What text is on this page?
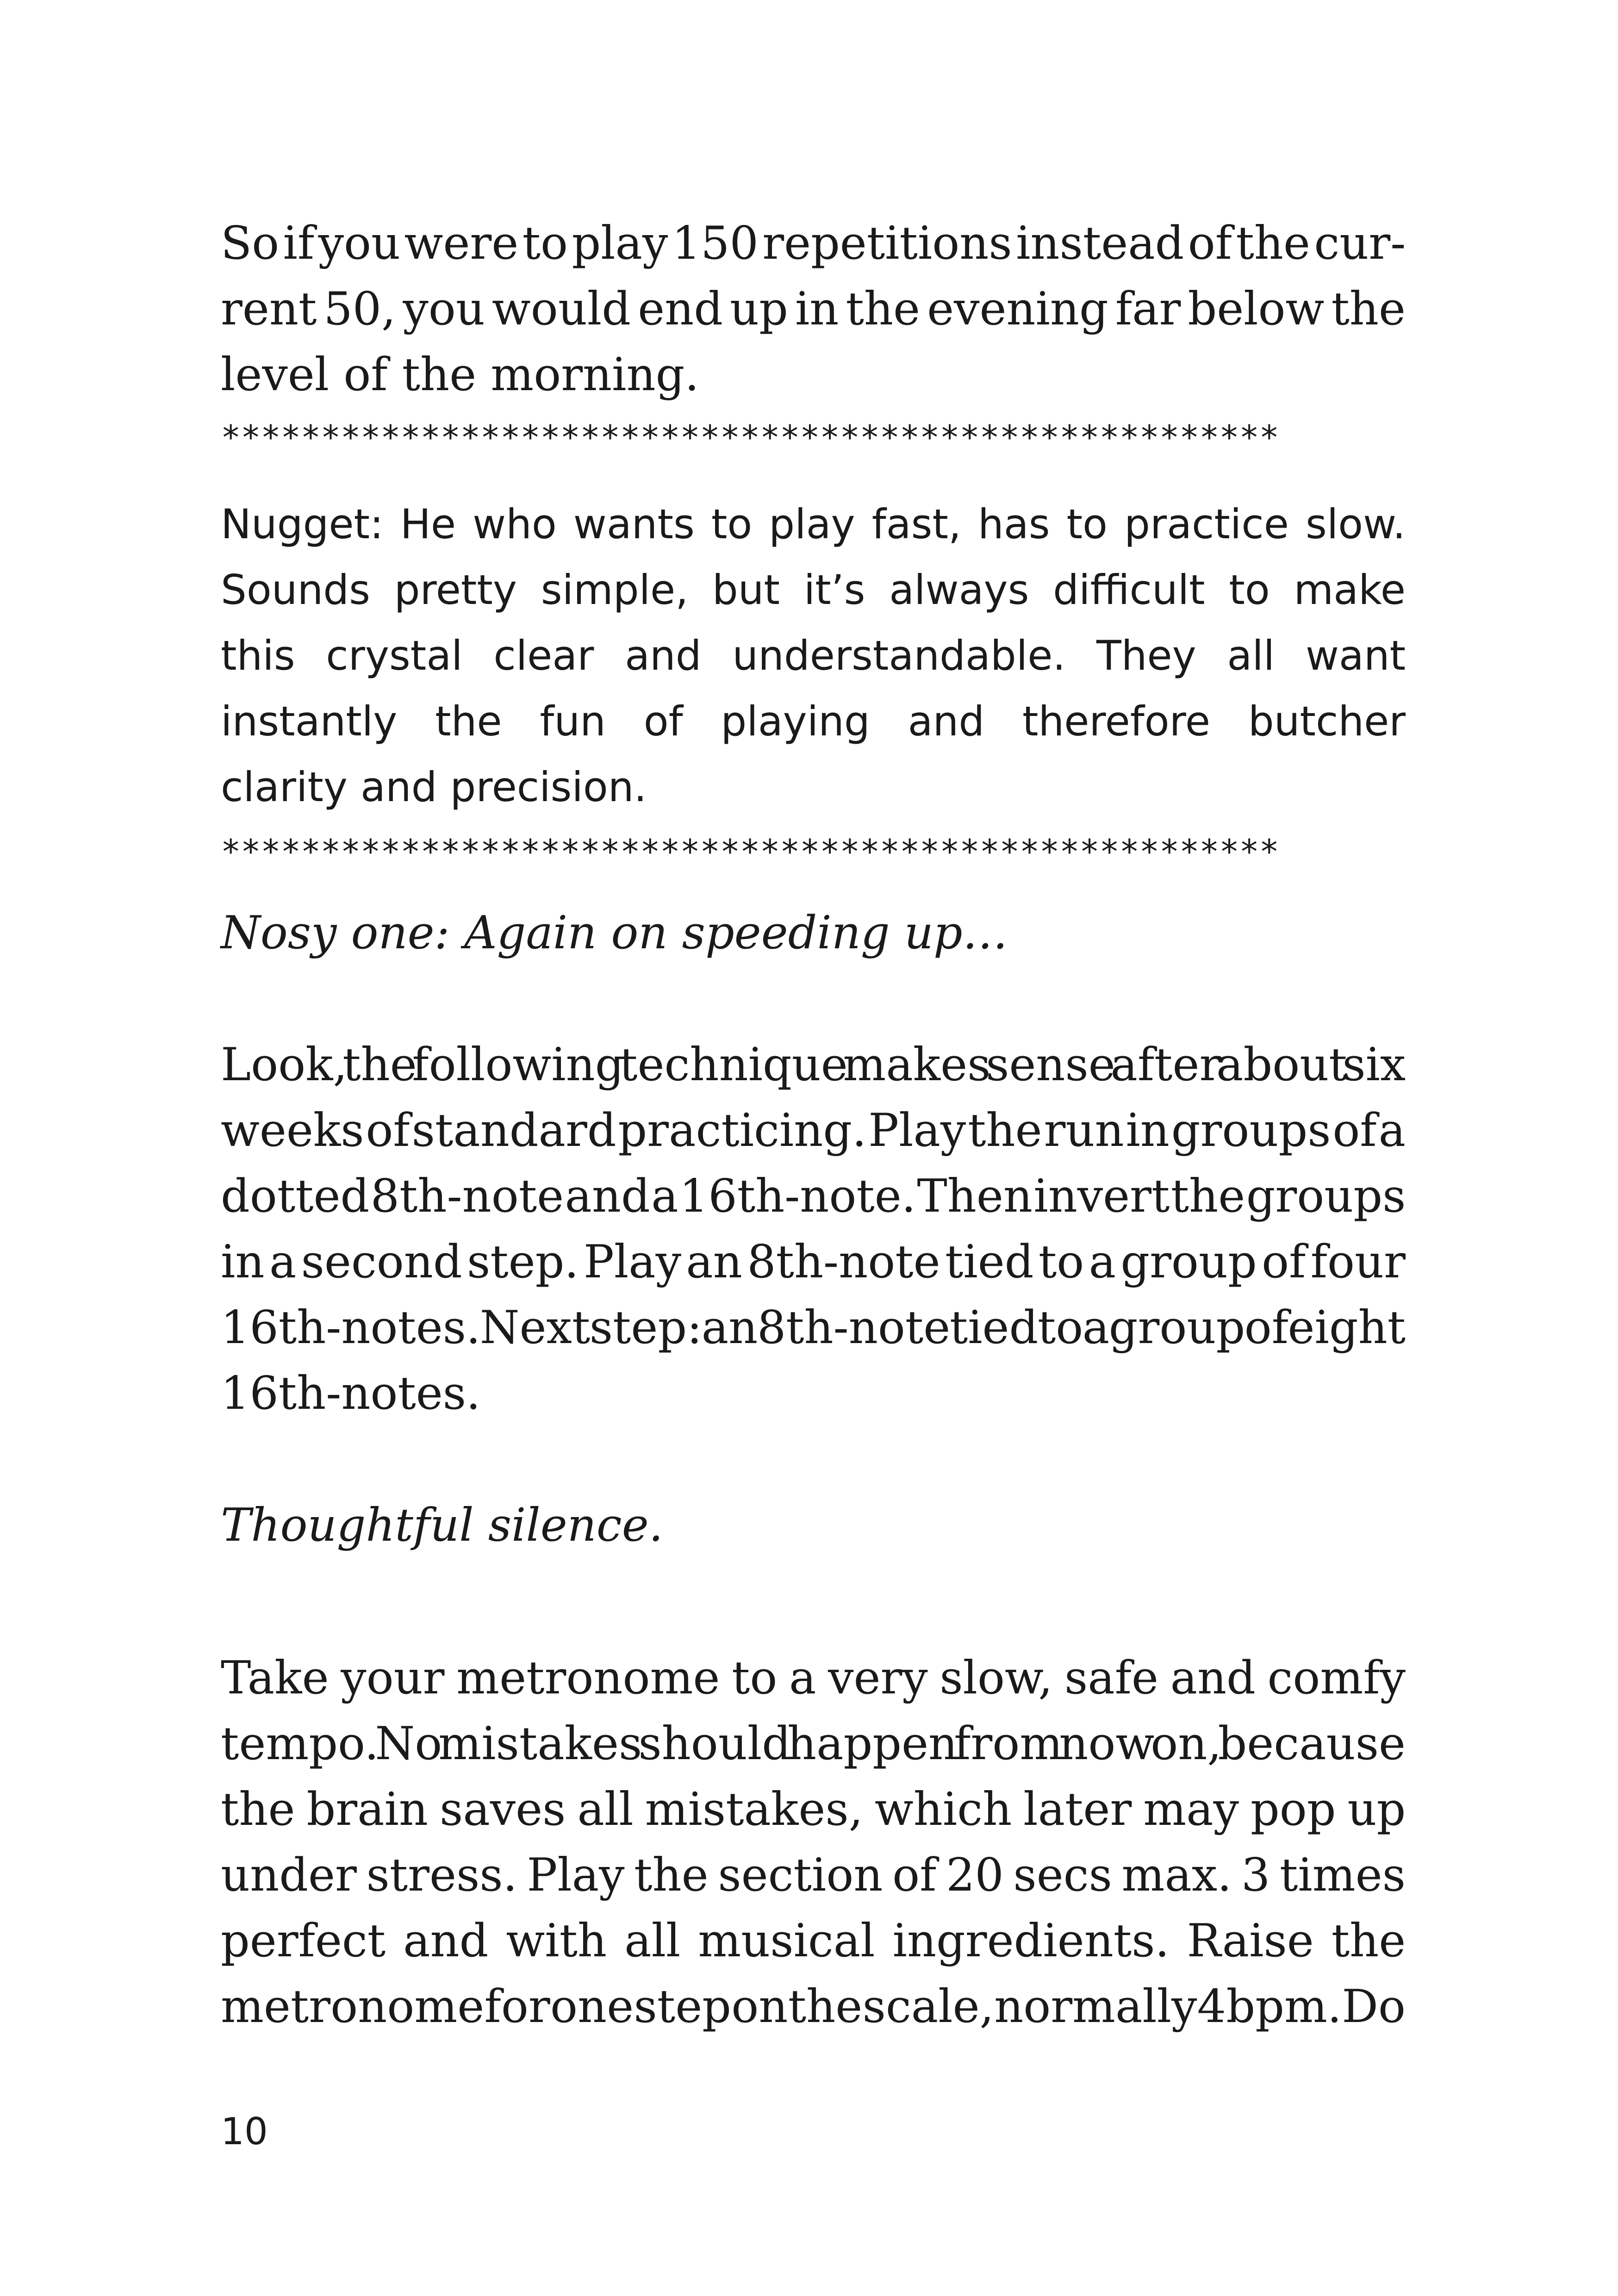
So if you were to play 150 repetitions instead of the cur-
rent 50, you would end up in the evening far below the
level of the morning.

*****************************************************

Nugget: He who wants to play fast, has to practice slow.
Sounds pretty simple, but it’s always difficult to make
this crystal clear and understandable. They all want
instantly the fun of playing and therefore butcher
clarity and precision.

*****************************************************

Nosy one: Again on speeding up…

Look, the following technique makes sense after about six
weeks of standard practicing. Play the run in groups of a
dotted 8th-note and a 16th-note. Then invert the groups
in a second step. Play an 8th-note tied to a group of four
16th-notes. Next step: an 8th-note tied to a group of eight
16th-notes.

Thoughtful silence.

Take your metronome to a very slow, safe and comfy
tempo. No mistakes should happen from now on, because
the brain saves all mistakes, which later may pop up
under stress. Play the section of 20 secs max. 3 times
perfect and with all musical ingredients. Raise the
metronome for one step on the scale, normally 4 bpm. Do

10
